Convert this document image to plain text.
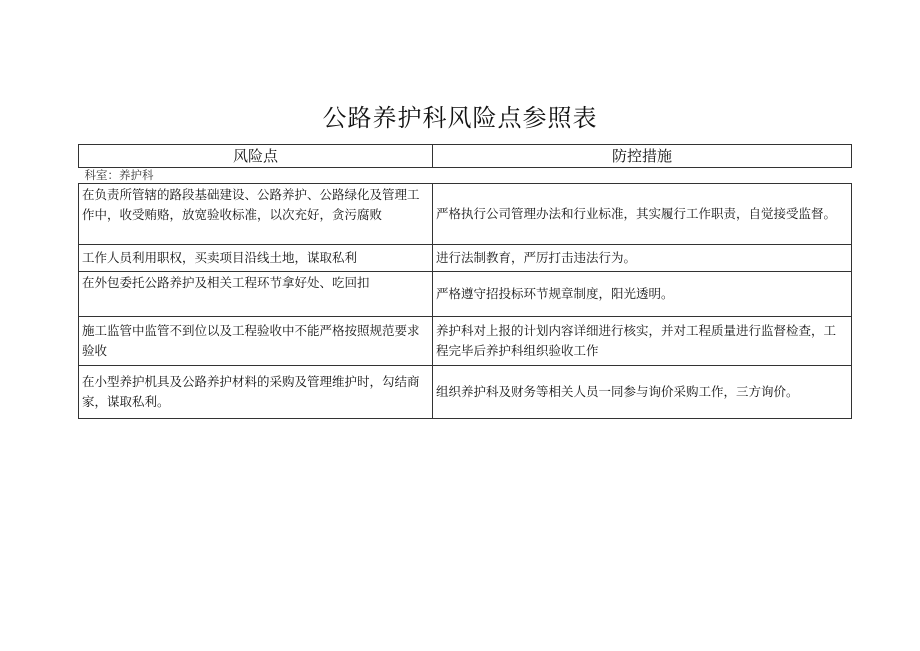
公路养护科风险点参照表
风险点	防控措施
科室：养护科	
在负责所管辖的路段基础建设、公路养护、公路绿化及管理工作中，收受贿赂，放宽验收标准，以次充好，贪污腐败	严格执行公司管理办法和行业标准，其实履行工作职责，自觉接受监督。
工作人员利用职权，买卖项目沿线土地，谋取私利	进行法制教育，严厉打击违法行为。
在外包委托公路养护及相关工程环节拿好处、吃回扣	严格遵守招投标环节规章制度，阳光透明。
施工监管中监管不到位以及工程验收中不能严格按照规范要求验收	养护科对上报的计划内容详细进行核实，并对工程质量进行监督检查，工程完毕后养护科组织验收工作
在小型养护机具及公路养护材料的采购及管理维护时，勾结商家，谋取私利。	组织养护科及财务等相关人员一同参与询价采购工作，三方询价。
